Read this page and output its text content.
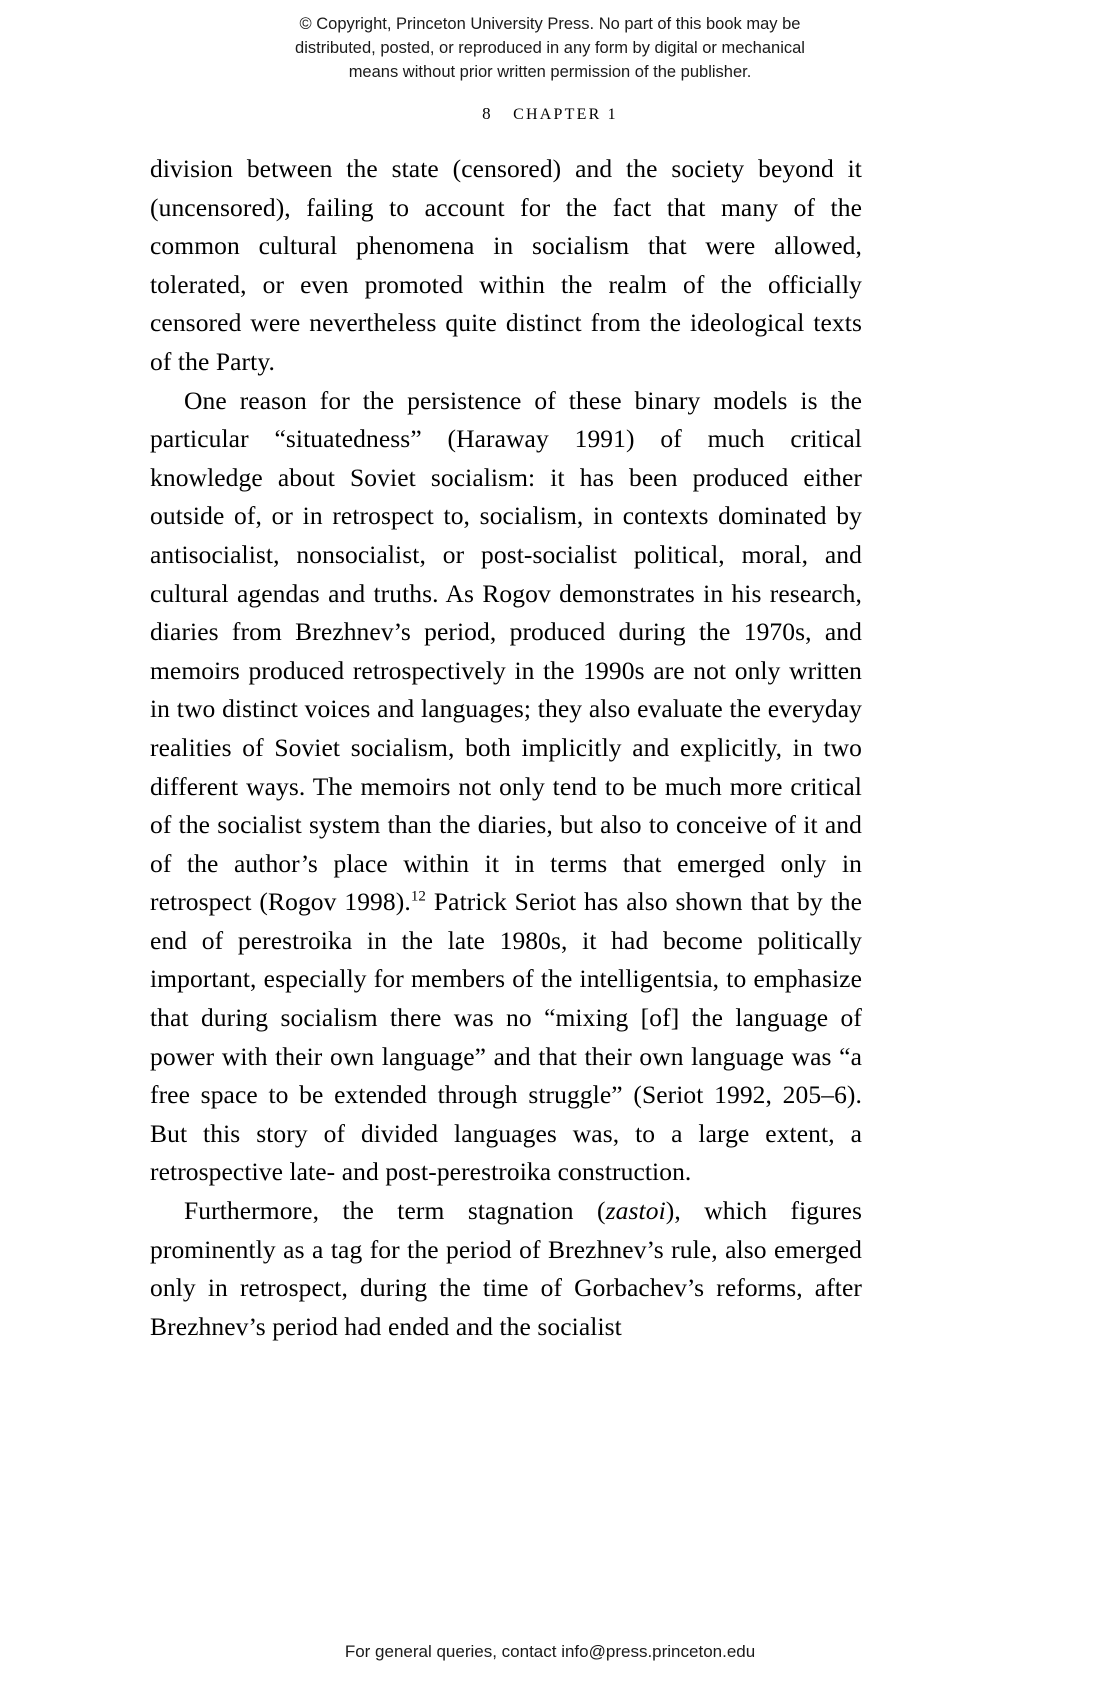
© Copyright, Princeton University Press. No part of this book may be
distributed, posted, or reproduced in any form by digital or mechanical
means without prior written permission of the publisher.
8 CHAPTER 1

division between the state (censored) and the society beyond it (uncensored), failing to account for the fact that many of the common cultural phenomena in socialism that were allowed, tolerated, or even promoted within the realm of the officially censored were nevertheless quite distinct from the ideological texts of the Party.

One reason for the persistence of these binary models is the particular “situatedness” (Haraway 1991) of much critical knowledge about Soviet socialism: it has been produced either outside of, or in retrospect to, socialism, in contexts dominated by antisocialist, nonsocialist, or post-socialist political, moral, and cultural agendas and truths. As Rogov demonstrates in his research, diaries from Brezhnev’s period, produced during the 1970s, and memoirs produced retrospectively in the 1990s are not only written in two distinct voices and languages; they also evaluate the everyday realities of Soviet socialism, both implicitly and explicitly, in two different ways. The memoirs not only tend to be much more critical of the socialist system than the diaries, but also to conceive of it and of the author’s place within it in terms that emerged only in retrospect (Rogov 1998).$^{12}$ Patrick Seriot has also shown that by the end of perestroika in the late 1980s, it had become politically important, especially for members of the intelligentsia, to emphasize that during socialism there was no “mixing [of] the language of power with their own language” and that their own language was “a free space to be extended through struggle” (Seriot 1992, 205–6). But this story of divided languages was, to a large extent, a retrospective late- and post-perestroika construction.

Furthermore, the term stagnation (zastoi), which figures prominently as a tag for the period of Brezhnev’s rule, also emerged only in retrospect, during the time of Gorbachev’s reforms, after Brezhnev’s period had ended and the socialist

For general queries, contact info@press.princeton.edu
